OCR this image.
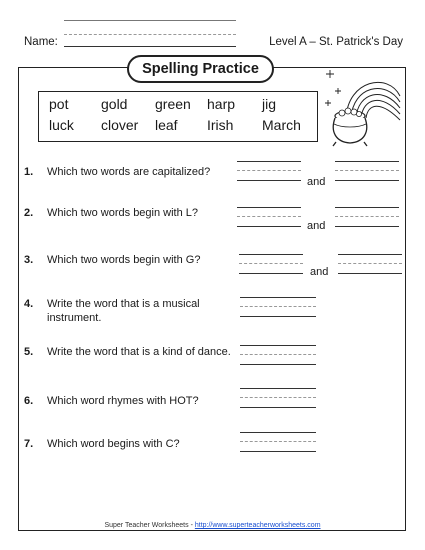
Name:	Level A – St. Patrick's Day
Spelling Practice
pot gold green harp jig
luck clover leaf Irish March
1. Which two words are capitalized?
and
2. Which two words begin with L?
and
3. Which two words begin with G?
and
4. Write the word that is a musical instrument.
5. Write the word that is a kind of dance.
6. Which word rhymes with HOT?
7. Which word begins with C?
Super Teacher Worksheets - http://www.superteacherworksheets.com
